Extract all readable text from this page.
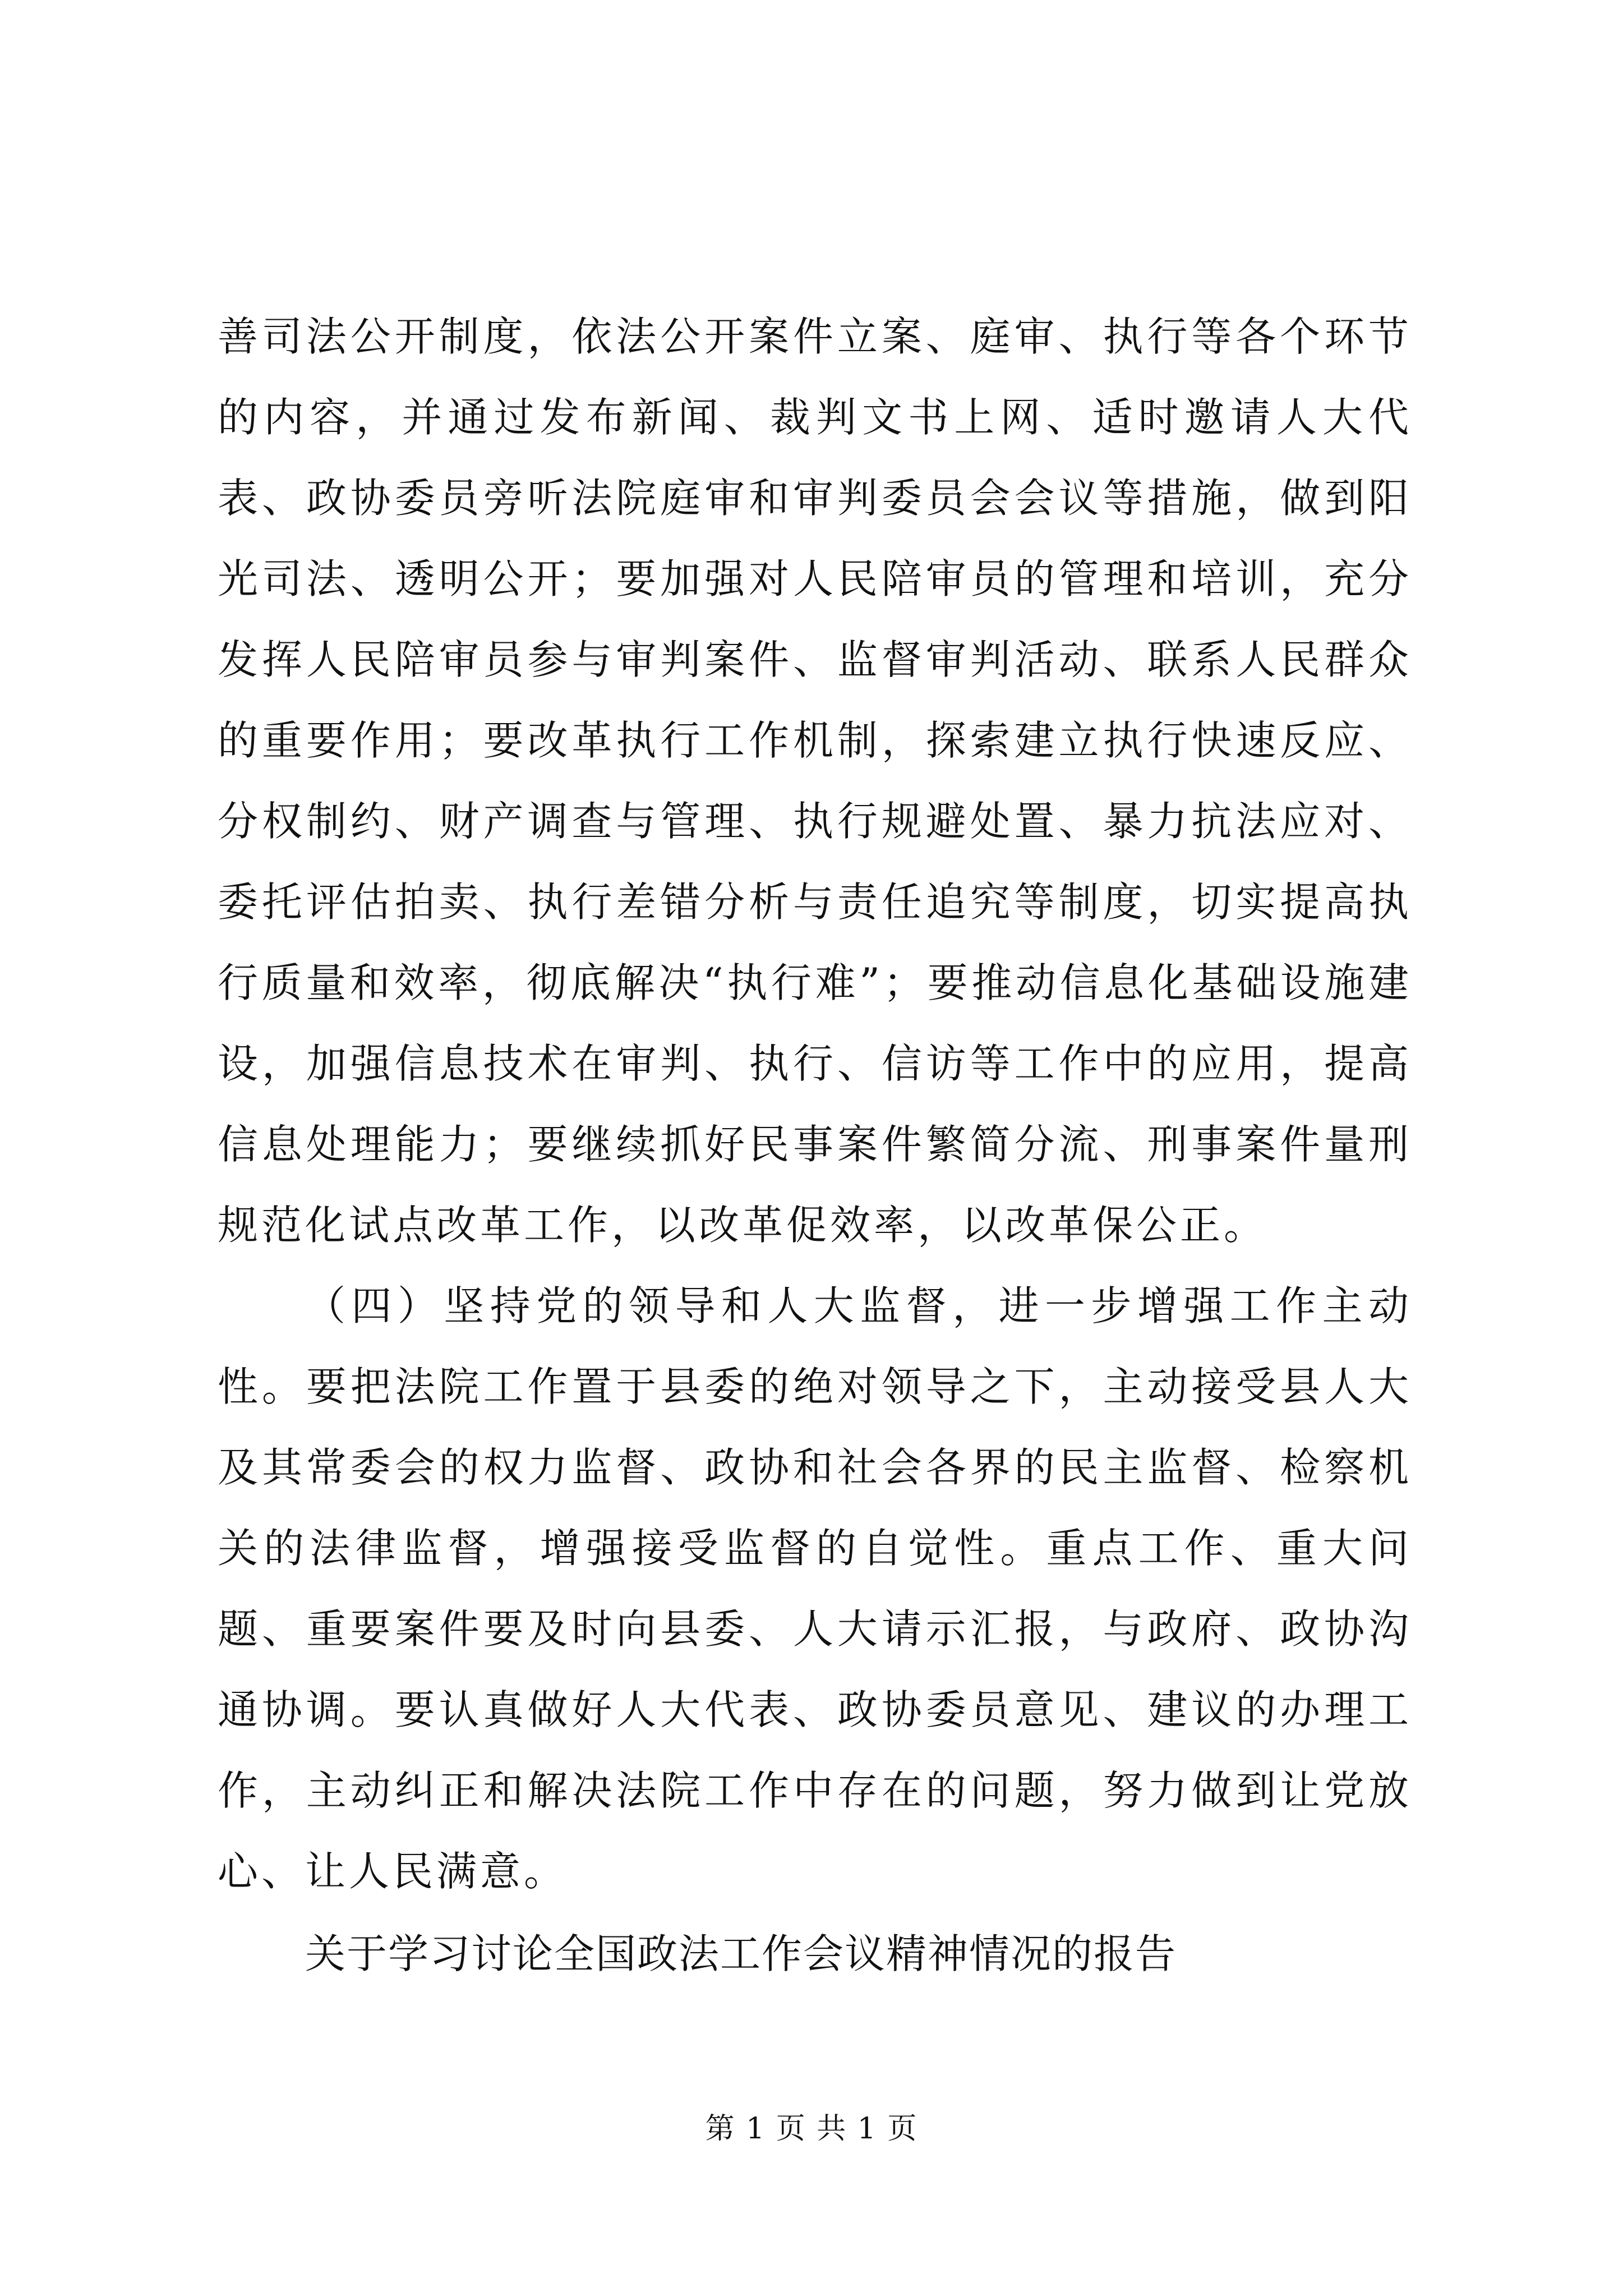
善司法公开制度，依法公开案件立案、庭审、执行等各个环节的内容，并通过发布新闻、裁判文书上网、适时邀请人大代表、政协委员旁听法院庭审和审判委员会会议等措施，做到阳光司法、透明公开；要加强对人民陪审员的管理和培训，充分发挥人民陪审员参与审判案件、监督审判活动、联系人民群众的重要作用；要改革执行工作机制，探索建立执行快速反应、分权制约、财产调查与管理、执行规避处置、暴力抗法应对、委托评估拍卖、执行差错分析与责任追究等制度，切实提高执行质量和效率，彻底解决“执行难”；要推动信息化基础设施建设，加强信息技术在审判、执行、信访等工作中的应用，提高信息处理能力；要继续抓好民事案件繁简分流、刑事案件量刑规范化试点改革工作，以改革促效率，以改革保公正。

（四）坚持党的领导和人大监督，进一步增强工作主动性。要把法院工作置于县委的绝对领导之下，主动接受县人大及其常委会的权力监督、政协和社会各界的民主监督、检察机关的法律监督，增强接受监督的自觉性。重点工作、重大问题、重要案件要及时向县委、人大请示汇报，与政府、政协沟通协调。要认真做好人大代表、政协委员意见、建议的办理工作，主动纠正和解决法院工作中存在的问题，努力做到让党放心、让人民满意。

关于学习讨论全国政法工作会议精神情况的报告

第 1 页 共 1 页
